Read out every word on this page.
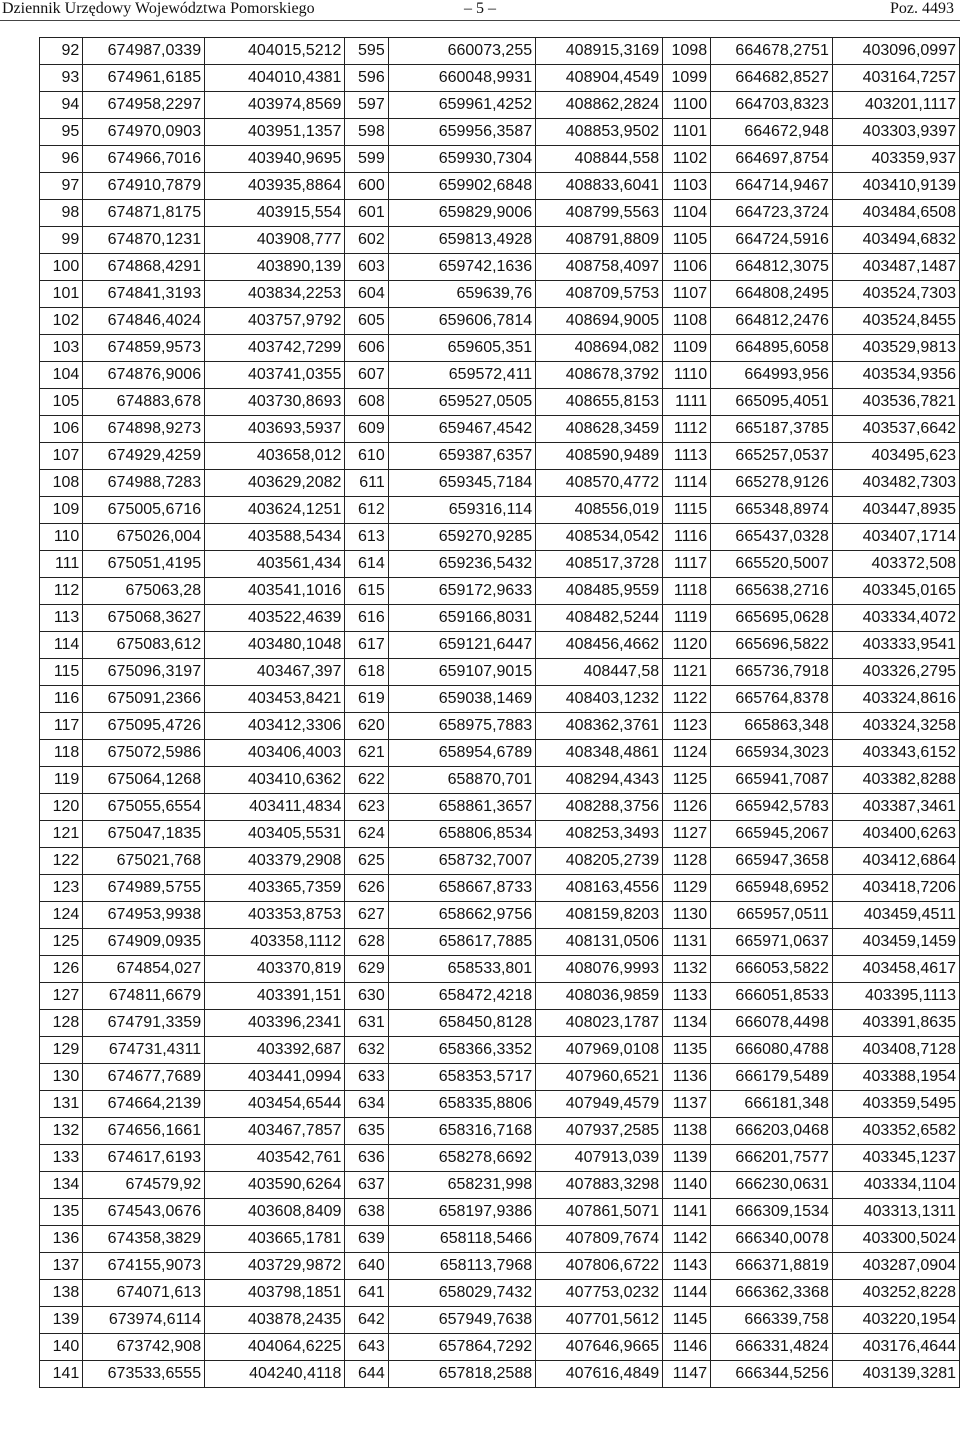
Dziennik Urzędowy Województwa Pomorskiego	– 5 –	Poz. 4493
92	674987,0339	404015,5212	595	660073,255	408915,3169	1098	664678,2751	403096,0997
93	674961,6185	404010,4381	596	660048,9931	408904,4549	1099	664682,8527	403164,7257
94	674958,2297	403974,8569	597	659961,4252	408862,2824	1100	664703,8323	403201,1117
95	674970,0903	403951,1357	598	659956,3587	408853,9502	1101	664672,948	403303,9397
96	674966,7016	403940,9695	599	659930,7304	408844,558	1102	664697,8754	403359,937
97	674910,7879	403935,8864	600	659902,6848	408833,6041	1103	664714,9467	403410,9139
98	674871,8175	403915,554	601	659829,9006	408799,5563	1104	664723,3724	403484,6508
99	674870,1231	403908,777	602	659813,4928	408791,8809	1105	664724,5916	403494,6832
100	674868,4291	403890,139	603	659742,1636	408758,4097	1106	664812,3075	403487,1487
101	674841,3193	403834,2253	604	659639,76	408709,5753	1107	664808,2495	403524,7303
102	674846,4024	403757,9792	605	659606,7814	408694,9005	1108	664812,2476	403524,8455
103	674859,9573	403742,7299	606	659605,351	408694,082	1109	664895,6058	403529,9813
104	674876,9006	403741,0355	607	659572,411	408678,3792	1110	664993,956	403534,9356
105	674883,678	403730,8693	608	659527,0505	408655,8153	1111	665095,4051	403536,7821
106	674898,9273	403693,5937	609	659467,4542	408628,3459	1112	665187,3785	403537,6642
107	674929,4259	403658,012	610	659387,6357	408590,9489	1113	665257,0537	403495,623
108	674988,7283	403629,2082	611	659345,7184	408570,4772	1114	665278,9126	403482,7303
109	675005,6716	403624,1251	612	659316,114	408556,019	1115	665348,8974	403447,8935
110	675026,004	403588,5434	613	659270,9285	408534,0542	1116	665437,0328	403407,1714
111	675051,4195	403561,434	614	659236,5432	408517,3728	1117	665520,5007	403372,508
112	675063,28	403541,1016	615	659172,9633	408485,9559	1118	665638,2716	403345,0165
113	675068,3627	403522,4639	616	659166,8031	408482,5244	1119	665695,0628	403334,4072
114	675083,612	403480,1048	617	659121,6447	408456,4662	1120	665696,5822	403333,9541
115	675096,3197	403467,397	618	659107,9015	408447,58	1121	665736,7918	403326,2795
116	675091,2366	403453,8421	619	659038,1469	408403,1232	1122	665764,8378	403324,8616
117	675095,4726	403412,3306	620	658975,7883	408362,3761	1123	665863,348	403324,3258
118	675072,5986	403406,4003	621	658954,6789	408348,4861	1124	665934,3023	403343,6152
119	675064,1268	403410,6362	622	658870,701	408294,4343	1125	665941,7087	403382,8288
120	675055,6554	403411,4834	623	658861,3657	408288,3756	1126	665942,5783	403387,3461
121	675047,1835	403405,5531	624	658806,8534	408253,3493	1127	665945,2067	403400,6263
122	675021,768	403379,2908	625	658732,7007	408205,2739	1128	665947,3658	403412,6864
123	674989,5755	403365,7359	626	658667,8733	408163,4556	1129	665948,6952	403418,7206
124	674953,9938	403353,8753	627	658662,9756	408159,8203	1130	665957,0511	403459,4511
125	674909,0935	403358,1112	628	658617,7885	408131,0506	1131	665971,0637	403459,1459
126	674854,027	403370,819	629	658533,801	408076,9993	1132	666053,5822	403458,4617
127	674811,6679	403391,151	630	658472,4218	408036,9859	1133	666051,8533	403395,1113
128	674791,3359	403396,2341	631	658450,8128	408023,1787	1134	666078,4498	403391,8635
129	674731,4311	403392,687	632	658366,3352	407969,0108	1135	666080,4788	403408,7128
130	674677,7689	403441,0994	633	658353,5717	407960,6521	1136	666179,5489	403388,1954
131	674664,2139	403454,6544	634	658335,8806	407949,4579	1137	666181,348	403359,5495
132	674656,1661	403467,7857	635	658316,7168	407937,2585	1138	666203,0468	403352,6582
133	674617,6193	403542,761	636	658278,6692	407913,039	1139	666201,7577	403345,1237
134	674579,92	403590,6264	637	658231,998	407883,3298	1140	666230,0631	403334,1104
135	674543,0676	403608,8409	638	658197,9386	407861,5071	1141	666309,1534	403313,1311
136	674358,3829	403665,1781	639	658118,5466	407809,7674	1142	666340,0078	403300,5024
137	674155,9073	403729,9872	640	658113,7968	407806,6722	1143	666371,8819	403287,0904
138	674071,613	403798,1851	641	658029,7432	407753,0232	1144	666362,3368	403252,8228
139	673974,6114	403878,2435	642	657949,7638	407701,5612	1145	666339,758	403220,1954
140	673742,908	404064,6225	643	657864,7292	407646,9665	1146	666331,4824	403176,4644
141	673533,6555	404240,4118	644	657818,2588	407616,4849	1147	666344,5256	403139,3281
